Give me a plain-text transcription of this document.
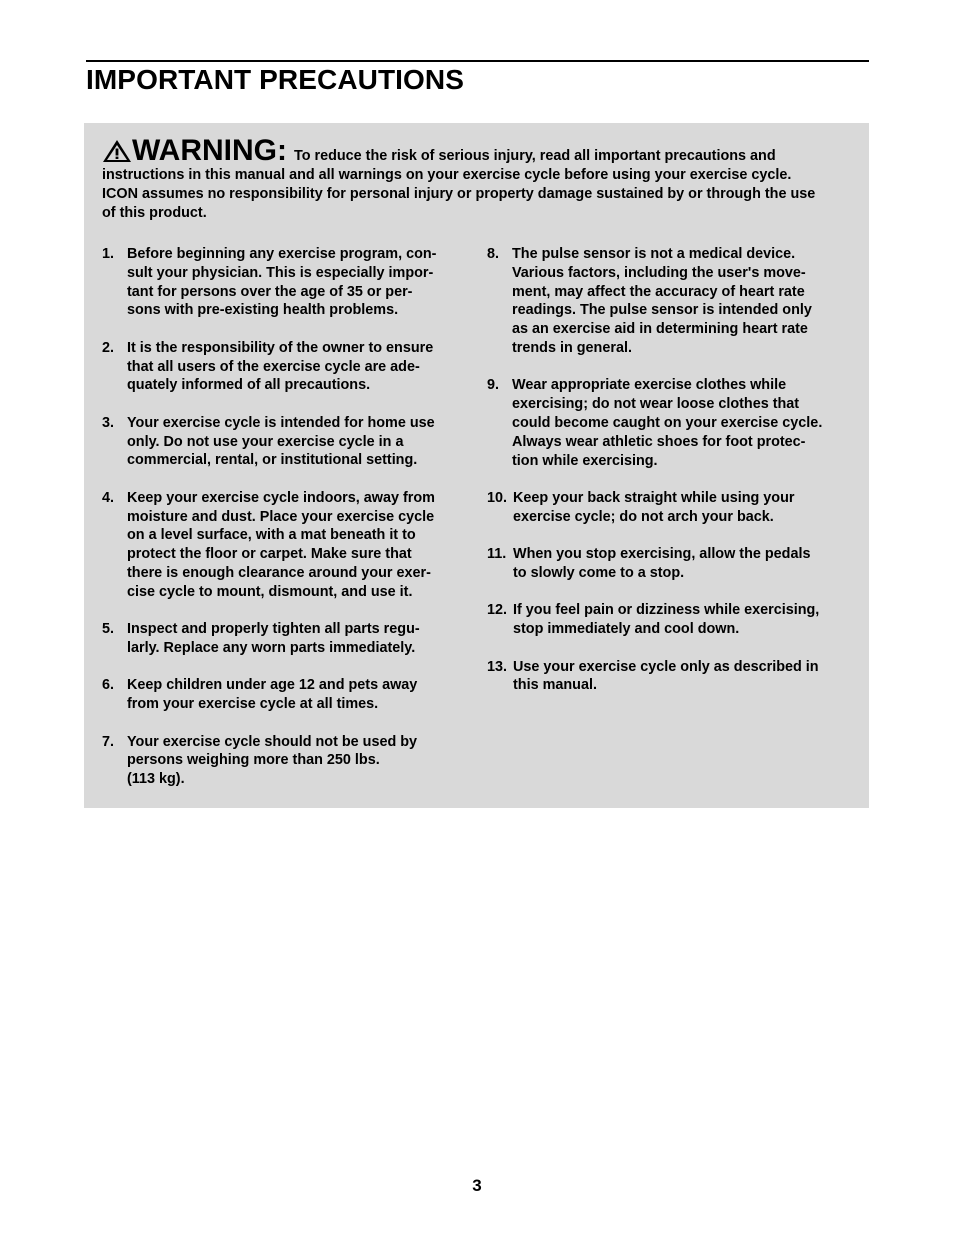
IMPORTANT PRECAUTIONS
WARNING: To reduce the risk of serious injury, read all important precautions and instructions in this manual and all warnings on your exercise cycle before using your exercise cycle. ICON assumes no responsibility for personal injury or property damage sustained by or through the use of this product.
1. Before beginning any exercise program, con-
sult your physician. This is especially impor-
tant for persons over the age of 35 or per-
sons with pre-existing health problems.
2. It is the responsibility of the owner to ensure
that all users of the exercise cycle are ade-
quately informed of all precautions.
3. Your exercise cycle is intended for home use
only. Do not use your exercise cycle in a
commercial, rental, or institutional setting.
4. Keep your exercise cycle indoors, away from
moisture and dust. Place your exercise cycle
on a level surface, with a mat beneath it to
protect the floor or carpet. Make sure that
there is enough clearance around your exer-
cise cycle to mount, dismount, and use it.
5. Inspect and properly tighten all parts regu-
larly. Replace any worn parts immediately.
6. Keep children under age 12 and pets away
from your exercise cycle at all times.
7. Your exercise cycle should not be used by
persons weighing more than 250 lbs.
(113 kg).
8. The pulse sensor is not a medical device.
Various factors, including the user's move-
ment, may affect the accuracy of heart rate
readings. The pulse sensor is intended only
as an exercise aid in determining heart rate
trends in general.
9. Wear appropriate exercise clothes while
exercising; do not wear loose clothes that
could become caught on your exercise cycle.
Always wear athletic shoes for foot protec-
tion while exercising.
10. Keep your back straight while using your
exercise cycle; do not arch your back.
11. When you stop exercising, allow the pedals
to slowly come to a stop.
12. If you feel pain or dizziness while exercising,
stop immediately and cool down.
13. Use your exercise cycle only as described in
this manual.
3
